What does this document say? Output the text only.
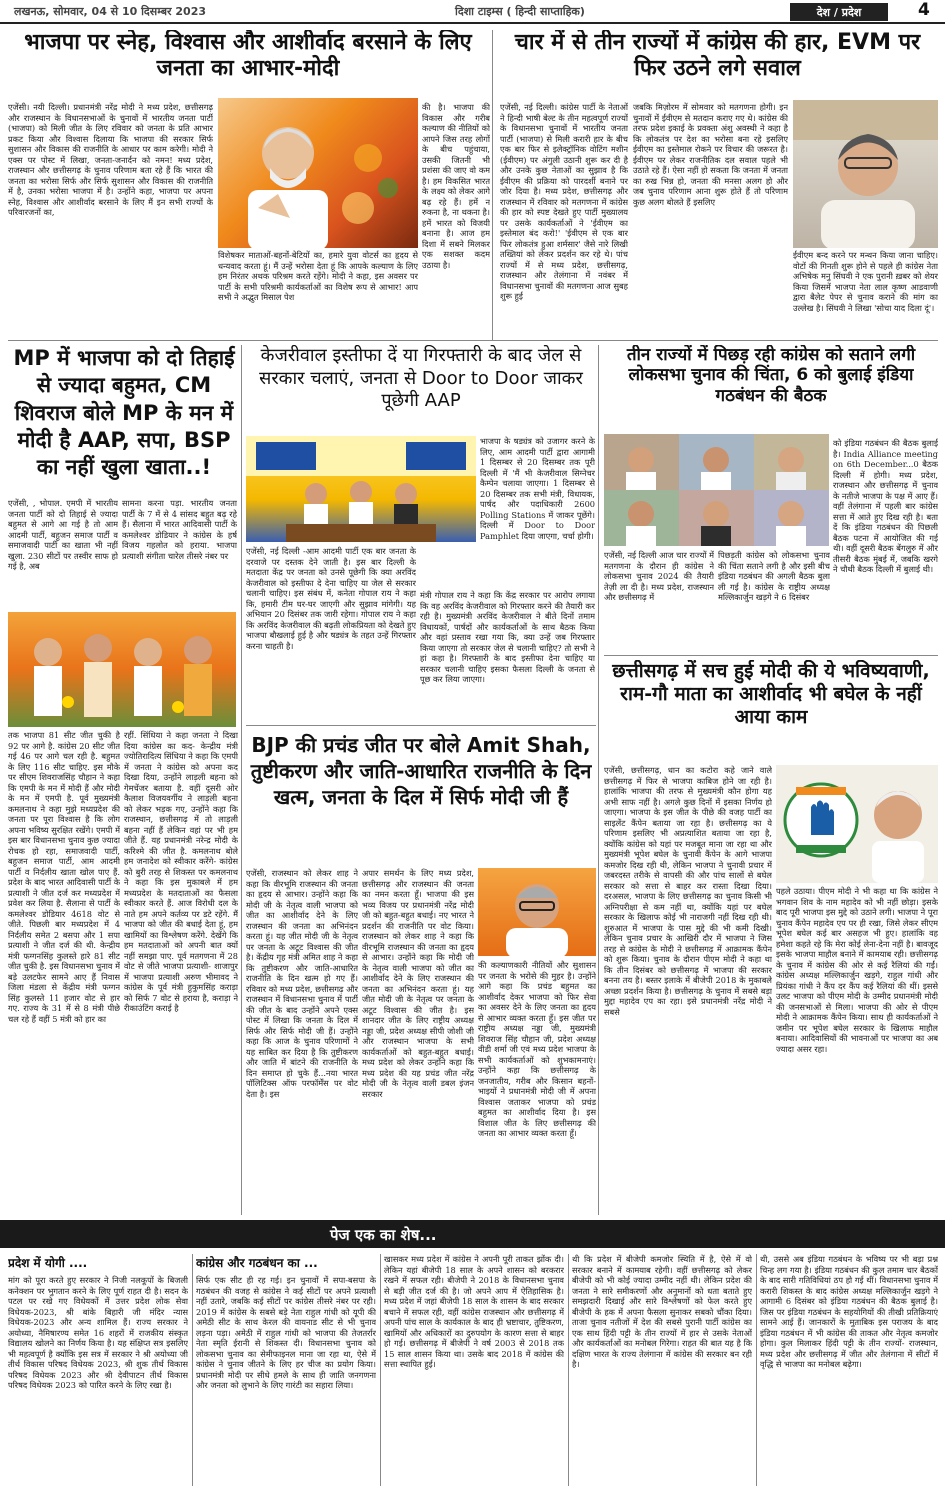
लखनऊ, सोमवार, 04 से 10 दिसम्बर 2023	दिशा टाइम्स ( हिन्दी साप्ताहिक)	देश / प्रदेश	4
भाजपा पर स्नेह, विश्वास और आशीर्वाद बरसाने के लिए जनता का आभार-मोदी
एजेंसी। नयी दिल्ली। प्रधानमंत्री नरेंद्र मोदी ने मध्य प्रदेश, छत्तीसगढ़ और राजस्थान के विधानसभाओं के चुनावों में भारतीय जनता पार्टी (भाजपा) को मिली जीत के लिए रविवार को जनता के प्रति आभार प्रकट किया और विश्वास दिलाया कि भाजपा की सरकार सिर्फ सुशासन और विकास की राजनीति के आधार पर काम करेगी। मोदी ने एक्स पर पोस्ट में लिखा, जनता-जनार्दन को नमन! मध्य प्रदेश, राजस्थान और छत्तीसगढ़ के चुनाव परिणाम बता रहे हैं कि भारत की जनता का भरोसा सिर्फ और सिर्फ सुशासन और विकास की राजनीति में है, उनका भरोसा भाजपा में है। उन्होंने कहा, भाजपा पर अपना स्नेह, विश्वास और आशीर्वाद बरसाने के लिए मैं इन सभी राज्यों के परिवारजनों का,
विशेषकर माताओं-बहनों-बेटियों का, हमारे युवा वोटर्स का हृदय से धन्यवाद करता हूं। मैं उन्हें भरोसा देता हूं कि आपके कल्याण के लिए हम निरंतर अथक परिश्रम करते रहेंगे। मोदी ने कहा, इस अवसर पर पार्टी के सभी परिश्रमी कार्यकर्ताओं का विशेष रूप से आभार! आप सभी ने अद्भुत मिसाल पेश
की है। भाजपा की विकास और गरीब कल्याण की नीतियों को आपने जिस तरह लोगों के बीच पहुंचाया, उसकी जितनी भी प्रशंसा की जाए वो कम है। हम विकसित भारत के लक्ष्य को लेकर आगे बढ़ रहे हैं। हमें न रुकना है, ना थकना है। हमें भारत को विजयी बनाना है। आज हम दिशा में सबने मिलकर एक सशक्त कदम उठाया है।
चार में से तीन राज्यों में कांग्रेस की हार, EVM पर फिर उठने लगे सवाल
एजेंसी, नई दिल्ली। कांग्रेस पार्टी के नेताओं ने हिन्दी भाषी बेल्ट के तीन महत्वपूर्ण राज्यों के विधानसभा चुनावों में भारतीय जनता पार्टी (भाजपा) से मिली करारी हार के बीच एक बार फिर से इलेक्ट्रॉनिक वोटिंग मशीन (ईवीएम) पर अंगुली उठानी शुरू कर दी है और उनके कुछ नेताओं का सुझाव है कि ईवीएम की प्रक्रिया को पारदर्शी बनाने पर जोर दिया है। मध्य प्रदेश, छत्तीसगढ़ और राजस्थान में रविवार को मतगणना में कांग्रेस की हार को स्पष्ट देखते हुए पार्टी मुख्यालय पर उसके कार्यकर्ताओं ने 'ईवीएम का इस्तेमाल बंद करो!' 'ईवीएम से एक बार फिर लोकतंत्र हुआ शर्मसार' जैसे नारे लिखी तख्तियां को लेकर प्रदर्शन कर रहे थे। पांच राज्यों में से मध्य प्रदेश, छत्तीसगढ़, राजस्थान और तेलंगाना में नवंबर में विधानसभा चुनावों की मतगणना आज सुबह शुरू हुई
जबकि मिज़ोरम में सोमवार को मतगणना होगी। इन चुनावों में ईवीएम से मतदान कराए गए थे। कांग्रेस की तरफ प्रदेश इकाई के प्रवक्ता अंशु अवस्थी ने कहा है कि लोकतंत्र पर देश का भरोसा बना रहे इसलिए ईवीएम का इस्तेमाल रोकने पर विचार की जरूरत है। ईवीएम पर लेकर राजनीतिक दल सवाल पहले भी उठाते रहे हैं। ऐसा नहीं हो सकता कि जनता में जनता का रुख भिन्न हो, जनता की मनसा अलग हो और जब चुनाव परिणाम आना शुरू होते हैं तो परिणाम कुछ अलग बोलते हैं इसलिए
ईवीएम बन्द करने पर मन्थन किया जाना चाहिए। वोटों की गिनती शुरू होने से पहले ही कांग्रेस नेता अभिषेक मनु सिंघवी ने एक पुरानी ख़बर को शेयर किया जिसमें भाजपा नेता लाल कृष्ण आडवाणी द्वारा बैलेट पेपर से चुनाव कराने की मांग का उल्लेख है। सिंघवी ने लिखा 'सोचा याद दिला दूं'।
MP में भाजपा को दो तिहाई से ज्यादा बहुमत, CM शिवराज बोले MP के मन में मोदी है AAP, सपा, BSP का नहीं खुला खाता..!
एजेंसी, , भोपाल. एमपी में भारतीय जनता पार्टी को दो तिहाई से ज्यादा बहुमत से आगे आ गई है तो आम आदमी पार्टी, बहुजन समाज पार्टी व समाजवादी पार्टी का खाता भी नहीं खुला. 230 सीटों पर तस्वीर साफ हो गई है, अब
सामना करना पड़ा. भारतीय जनता पार्टी के 7 में से 4 सांसद बहुत बढ़ रहे हैं। सैलाना में भारत आदिवासी पार्टी के कमलेश्वर डोडियार ने कांग्रेस के हर्ष विजय गहलोत को हराया. भाजपा प्रत्याशी संगीता चारेल तीसरे नंबर पर
तक भाजपा 81 सीट जीत चुकी है 92 पर आगे है. कांग्रेस 20 सीट जीत गई 46 पर आगे चल रही है. बहुमत के लिए 116 सीट चाहिए. इस मौके पर सीएम शिवराजसिंह चौहान ने कहा कि एमपी के मन में मोदी हैं और मोदी के मन में एमपी है. पूर्व मुख्यमंत्री कमलनाथ ने कहा मुझे मध्यप्रदेश की जनता पर पूरा विश्वास है कि लोग अपना भविष्य सुरक्षित रखेंगे। एमपी में इस बार विधानसभा चुनाव कुछ ज्यादा रोचक हो रहा, समाजवादी पार्टी, बहुजन समाज पार्टी, आम आदमी पार्टी व निर्दलीय खाता खोल पाए हैं. प्रदेश के बाद भारत आदिवासी पार्टी के प्रत्याशी ने जीत दर्ज कर मध्यप्रदेश में प्रवेश कर लिया है. सैलाना से पार्टी के कमलेश्वर डोडियार 4618 वोट से जीते. पिछली बार मध्यप्रदेश में 4 निर्दलीय समेत 2 बसपा और 1 सपा प्रत्याशी ने जीत दर्ज की थी. केन्द्रीय मंत्री फग्गनसिंह कुलस्ते हारे 81 सीट जीत चुकी है. इस विधानसभा चुनाव में बड़े उलटफेर सामने आए हैं निवास जिला मंडला से केंद्रीय मंत्री फग्गन सिंह कुलस्ते 11 हजार वोट से हार गए. राज्य के 31 में से 8 मंत्री पीछे चल रहे हैं वहीं 5 मंत्री को हार का
रहीं. सिंधिया ने कहा जनता ने दिखा दिया कांग्रेस का कद- केन्द्रीय मंत्री ज्योतिरादित्य सिंधिया ने कहा कि एमपी में जनता ने कांग्रेस को अपना कद दिखा दिया, उन्होंने लाड़ली बहना को गेमचेंजर बताया है. वहीं दूसरी ओर कैलाश विजयवर्गीय ने लाड़ली बहना को लेकर भड़क गए, उन्होंने कहा कि राजस्थान, छत्तीसगढ़ में तो लाड़ली बहना नहीं हैं लेकिन वहां पर भी हम जीते हैं. यह प्रधानमंत्री नरेन्द्र मोदी के करिश्मे की जीत है. कमलनाथ बोले हम जनादेश को स्वीकार करेंगे- कांग्रेस को बुरी तरह से शिकस्त पर कमलनाथ ने कहा कि इस मुकाबले में हम मध्यप्रदेश के मतदाताओं का फैसला स्वीकार करते हैं. आज विरोधी दल के नाते हम अपने कर्तव्य पर डटे रहेंगे. मैं भाजपा को जीत की बधाई देता हूं, हम खामियों का विश्लेषण करेंगे. देखेंगे कि हम मतदाताओं को अपनी बात क्यों नहीं समझा पाए. पूर्व मतगणना में 28 वोट से जीते भाजपा प्रत्याशी- शाजापुर में भाजपा प्रत्याशी अरुण भीमावद ने कांग्रेस के पूर्व मंत्री हुकुमसिंह कराड़ा को सिर्फ 7 वोट से हराया है, कराड़ा ने रीकाउंटिंग कराई है
केजरीवाल इस्तीफा दें या गिरफ्तारी के बाद जेल से सरकार चलाएं, जनता से Door to Door जाकर पूछेगी AAP
भाजपा के षड्यंत्र को उजागर करने के लिए, आम आदमी पार्टी द्वारा आगामी 1 दिसम्बर से 20 दिसम्बर तक पूरी दिल्ली में 'मैं भी केजरीवाल सिग्नेचर कैम्पेन चलाया जाएगा। 1 दिसम्बर से 20 दिसम्बर तक सभी मंत्री, विधायक, पार्षद और पदाधिकारी 2600 Polling Stations में जाकर पूछेंगे। दिल्ली में Door to Door Pamphlet दिया जाएगा, चर्चा होगी।
एजेंसी, नई दिल्ली -आम आदमी पार्टी एक बार जनता के दरवाजे पर दस्तक देने जाती है। इस बार दिल्ली के मतदाता केंद्र पर जनता को उनसे पूछेगी कि क्या अरविंद केजरीवाल को इस्तीफा दे देना चाहिए या जेल से सरकार चलानी चाहिए। इस संबंध में, कनेता गोपाल राय ने कहा कि, हमारी टीम घर-घर जाएगी और सुझाव मांगेगी। यह अभियान 20 दिसंबर तक जारी रहेगा। गोपाल राय ने कहा कि अरविंद केजरीवाल की बढ़ती लोकप्रियता को देखते हुए भाजपा बौखलाई हुई है और षड्यंत्र के तहत उन्हें गिरफ्तार करना चाहती है।
मंत्री गोपाल राय ने कहा कि केंद्र सरकार पर आरोप लगाया कि वह अरविंद केजरीवाल को गिरफ्तार करने की तैयारी कर रही है। मुख्यमंत्री अरविंद केजरीवाल ने बीते दिनों तमाम विधायकों, पार्षदों और कार्यकर्ताओं के साथ बैठक किया और वहां प्रस्ताव रखा गया कि, क्या उन्हें जब गिरफ्तार किया जाएगा तो सरकार जेल से चलानी चाहिए? तो सभी ने हां कहा है। गिरफ्तारी के बाद इस्तीफा देना चाहिए या सरकार चलानी चाहिए इसका फैसला दिल्ली के जनता से पूछ कर लिया जाएगा।
तीन राज्यों में पिछड़ रही कांग्रेस को सताने लगी लोकसभा चुनाव की चिंता, 6 को बुलाई इंडिया गठबंधन की बैठक
को इंडिया गठबंधन की बैठक बुलाई है। India Alliance meeting on 6th December...0 बैठक दिल्ली में होगी। मध्य प्रदेश, राजस्थान और छत्तीसगढ़ में चुनाव के नतीजे भाजपा के पक्ष में आए हैं। वहीं तेलंगाना में पहली बार कांग्रेस सत्ता में आते हुए दिख रही है। बता दें कि इंडिया गठबंधन की पिछली बैठक पटना में आयोजित की गई थी। वहीं दूसरी बैठक बेंगलुरु में और तीसरी बैठक मुंबई में, जबकि खरगे ने चौथी बैठक दिल्ली में बुलाई थी।
एजेंसी, नई दिल्ली आज चार राज्यों में मतगणना के दौरान ही कांग्रेस ने लोकसभा चुनाव 2024 की तैयारी तेज़ी ला दी है। मध्य प्रदेश, राजस्थान और छत्तीसगढ़ में
पिछड़ती कांग्रेस को लोकसभा चुनाव की चिंता सताने लगी है और इसी बीच इंडिया गठबंधन की अगली बैठक बुला ली गई है। कांग्रेस के राष्ट्रीय अध्यक्ष मल्लिकार्जुन खड़गे ने 6 दिसंबर
छत्तीसगढ़ में सच हुई मोदी की ये भविष्यवाणी, राम-गौ माता का आशीर्वाद भी बघेल के नहीं आया काम
एजेंसी, छत्तीसगढ़, धान का कटोरा कहे जाने वाले छत्तीसगढ़ में फिर से भाजपा काबिज होने जा रही है। हालांकि भाजपा की तरफ से मुख्यमंत्री कौन होगा यह अभी साफ नहीं है। अगले कुछ दिनों में इसका निर्णय हो जाएगा। भाजपा के इस जीत के पीछे की वजह पार्टी का साइलेंट कैंपेन बताया जा रहा है। छत्तीसगढ़ का ये परिणाम इसलिए भी अप्रत्याशित बताया जा रहा है, क्योंकि कांग्रेस को यहां पर मजबूत माना जा रहा था और मुख्यमंत्री भूपेश बघेल के चुनावी कैंपेन के आगे भाजपा कमजोर दिख रही थी, लेकिन भाजपा ने चुनावी प्रचार में जबरदस्त तरीके से वापसी की और पांच सालों से बघेल सरकार को सत्ता से बाहर कर रास्ता दिखा दिया। दरअसल, भाजपा के लिए छत्तीसगढ़ का चुनाव किसी भी अग्निपरीक्षा से कम नहीं था, क्योंकि यहां पर बघेल सरकार के खिलाफ कोई भी नाराजगी नहीं दिख रही थी। शुरुआत में भाजपा के पास मुद्दे की भी कमी दिखी। लेकिन चुनाव प्रचार के आखिरी दौर में भाजपा ने जिस तरह से कांग्रेस के मोदी ने छत्तीसगढ़ में आक्रामक कैंपेन को शुरू किया। चुनाव के दौरान पीएम मोदी ने कहा था कि तीन दिसंबर को छत्तीसगढ़ में भाजपा की सरकार बनना तय है। बस्तर इलाके में बीजेपी 2018 के मुकाबले अच्छा प्रदर्शन किया है। छत्तीसगढ़ के चुनाव में सबसे बड़ा मुद्दा महादेव एप का रहा। इसे प्रधानमंत्री नरेंद्र मोदी ने सबसे
पहले उठाया। पीएम मोदी ने भी कहा था कि कांग्रेस ने भगवान शिव के नाम महादेव को भी नहीं छोड़ा। इसके बाद पूरी भाजपा इस मुद्दे को उठाने लगी। भाजपा ने पूरा चुनाव कैंपेन महादेव एप पर ही रखा, जिसे लेकर सीएम भूपेश बघेल कई बार असहज भी हुए। हालांकि वह हमेशा कहते रहे कि मेरा कोई लेना-देना नहीं है। बावजूद इसके भाजपा माहौल बनाने में कामयाब रही। छत्तीसगढ़ के चुनाव में कांग्रेस की ओर से कई रैलियां की गईं। कांग्रेस अध्यक्ष मल्लिकार्जुन खड़गे, राहुल गांधी और प्रियंका गांधी ने कैंप दर कैंप कई रैलियां की थीं। इससे उलट भाजपा को पीएम मोदी के उम्मीद प्रधानमंत्री मोदी की जनसभाओं से मिला। भाजपा की ओर से पीएम मोदी ने आक्रामक कैंपेन किया। साथ ही कार्यकर्ताओं ने जमीन पर भूपेश बघेल सरकार के खिलाफ माहौल बनाया। आदिवासियों की भावनाओं पर भाजपा का अब ज्यादा असर रहा।
BJP की प्रचंड जीत पर बोले Amit Shah, तुष्टीकरण और जाति-आधारित राजनीति के दिन खत्म, जनता के दिल में सिर्फ मोदी जी हैं
एजेंसी, राजस्थान को लेकर शाह ने कहा कि वीरभूमि राजस्थान की जनता का हृदय से आभार। उन्होंने कहा कि मोदी जी के नेतृत्व वाली भाजपा को जीत का आशीर्वाद देने के लिए राजस्थान की जनता का अभिनंदन करता हूं। यह जीत मोदी जी के नेतृत्व पर जनता के अटूट विश्वास की जीत है। केंद्रीय गृह मंत्री अमित शाह ने कहा कि तुष्टीकरण और जाति-आधारित राजनीति के दिन खत्म हो गए हैं। रविवार को मध्य प्रदेश, छत्तीसगढ़ और राजस्थान में विधानसभा चुनाव में पार्टी की जीत के बाद उन्होंने अपने एक्स पोस्ट में लिखा कि जनता के दिल में सिर्फ और सिर्फ मोदी जी हैं। उन्होंने कहा कि आज के चुनाव परिणामों ने यह साबित कर दिया है कि तुष्टीकरण और जाति में बांटने की राजनीति के दिन समाप्त हो चुके हैं...नया भारत पॉलिटिक्स ऑफ परफॉर्मेंस पर वोट देता है। इस
अपार समर्थन के लिए मध्य प्रदेश, छत्तीसगढ़ और राजस्थान की जनता का नमन करता हूँ। भाजपा की इस भव्य विजय पर प्रधानमंत्री नरेंद्र मोदी जी को बहुत-बहुत बधाई। नए भारत ने प्रदर्शन की राजनीति पर वोट किया। राजस्थान को लेकर शाह ने कहा कि वीरभूमि राजस्थान की जनता का हृदय से आभार। उन्होंने कहा कि मोदी जी के नेतृत्व वाली भाजपा को जीत का आशीर्वाद देने के लिए राजस्थान की जनता का अभिनंदन करता हूं। यह जीत मोदी जी के नेतृत्व पर जनता के अटूट विश्वास की जीत है। इस शानदार जीत के लिए राष्ट्रीय अध्यक्ष नड्डा जी, प्रदेश अध्यक्ष सीपी जोशी जी और राजस्थान भाजपा के सभी कार्यकर्ताओं को बहुत-बहुत बधाई। मध्य प्रदेश को लेकर उन्होंने कहा कि मध्य प्रदेश की यह प्रचंड जीत नरेंद्र मोदी जी के नेतृत्व वाली डबल इंजन सरकार
की कल्याणकारी नीतियों और सुशासन पर जनता के भरोसे की मुहर है। उन्होंने आगे कहा कि प्रचंड बहुमत का आशीर्वाद देकर भाजपा को फिर सेवा का अवसर देने के लिए जनता का हृदय से आभार व्यक्त करता हूँ। इस जीत पर राष्ट्रीय अध्यक्ष नड्डा जी, मुख्यमंत्री शिवराज सिंह चौहान जी, प्रदेश अध्यक्ष वीडी शर्मा जी एवं मध्य प्रदेश भाजपा के सभी कार्यकर्ताओं को शुभकामनाएं। उन्होंने कहा कि छत्तीसगढ़ के जनजातीय, गरीब और किसान बहनों-भाइयों ने प्रधानमंत्री मोदी जी में अपना विश्वास जताकर भाजपा को प्रचंड बहुमत का आशीर्वाद दिया है। इस विशाल जीत के लिए छत्तीसगढ़ की जनता का आभार व्यक्त करता हूँ।
पेज एक का शेष...
प्रदेश में योगी ....
मांग को पूरा करते हुए सरकार ने निजी नलकूपों के बिजली कनेक्शन पर भुगतान करने के लिए पूर्ण राहत दी है। सदन के पटल पर रखे गए विधेयकों में उत्तर प्रदेश लोक सेवा विधेयक-2023, श्री बांके बिहारी जी मंदिर न्यास विधेयक-2023 और अन्य शामिल हैं। राज्य सरकार ने अयोध्या, नैमिषारण्य समेत 16 शहरों में राजकीय संस्कृत विद्यालय खोलने का निर्णय किया है। यह संक्षिप्त सत्र इसलिए भी महत्वपूर्ण है क्योंकि इस सत्र में सरकार ने श्री अयोध्या जी तीर्थ विकास परिषद विधेयक 2023, श्री शुक तीर्थ विकास परिषद विधेयक 2023 और श्री देवीपाटन तीर्थ विकास परिषद विधेयक 2023 को पारित करने के लिए रखा है।
कांग्रेस और गठबंधन का ...
सिर्फ एक सीट ही रह गई। इन चुनावों में सपा-बसपा के गठबंधन की वजह से कांग्रेस ने कई सीटों पर अपने प्रत्याशी नहीं उतारे, जबकि कई सीटों पर कांग्रेस तीसरे नंबर पर रही। 2019 में कांग्रेस के सबसे बड़े नेता राहुल गांधी को यूपी की अमेठी सीट के साथ केरल की वायनाड सीट से भी चुनाव लड़ना पड़ा। अमेठी में राहुल गांधी को भाजपा की तेजतर्रार नेता स्मृति ईरानी से शिकस्त दी। विधानसभा चुनाव को लोकसभा चुनाव का सेमीफाइनल माना जा रहा था, ऐसे में कांग्रेस ने चुनाव जीतने के लिए हर चीज का प्रयोग किया। प्रधानमंत्री मोदी पर सीधे हमले के साथ ही जाति जनगणना और जनता को लुभाने के लिए गारंटी का सहारा लिया।
खासकर मध्य प्रदेश में कांग्रेस ने अपनी पूरी ताकत झोंक दी। लेकिन यहां बीजेपी 18 साल के अपने शासन को बरकरार रखने में सफल रही। बीजेपी ने 2018 के विधानसभा चुनाव से बड़ी जीत दर्ज की है। जो अपने आप में ऐतिहासिक है। मध्य प्रदेश में जहां बीजेपी 18 साल के शासन के बाद सरकार बचाने में सफल रही, वहीं कांग्रेस राजस्थान और छत्तीसगढ़ में अपनी पांच साल के कार्यकाल के बाद ही भ्रष्टाचार, तुष्टिकरण, खामियों और अधिकारों का दुरुपयोग के कारण सत्ता से बाहर हो गई। छत्तीसगढ़ में बीजेपी ने वर्ष 2003 से 2018 तक 15 साल शासन किया था। उसके बाद 2018 में कांग्रेस की सत्ता स्थापित हुई।
थी कि प्रदेश में बीजेपी कमजोर स्थिति में है, ऐसे में वो सरकार बनाने में कामयाब रहेगी। वहीं छत्तीसगढ़ को लेकर बीजेपी को भी कोई ज्यादा उम्मीद नहीं थी। लेकिन प्रदेश की जनता ने सारे समीकरणों और अनुमानों को धता बताते हुए समझदारी दिखाई और सारे विश्लेषणों को फेल करते हुए बीजेपी के हक में अपना फैसला सुनाकर सबको चौंका दिया। ताजा चुनाव नतीजों में देश की सबसे पुरानी पार्टी कांग्रेस का एक साथ हिंदी पट्टी के तीन राज्यों में हार से उसके नेताओं और कार्यकर्ताओं का मनोबल गिरेगा। राहत की बात यह है कि दक्षिण भारत के राज्य तेलंगाना में कांग्रेस की सरकार बन रही है।
थी, उससे अब इंडिया गठबंधन के भविष्य पर भी बड़ा प्रश्न चिन्ह लग गया है। इंडिया गठबंधन की कुल तमाम चार बैठकों के बाद सारी गतिविधियां ठप हो गई थीं। विधानसभा चुनाव में करारी शिकस्त के बाद कांग्रेस अध्यक्ष मल्लिकार्जुन खड़गे ने आगामी 6 दिसंबर को इंडिया गठबंधन की बैठक बुलाई है। जिस पर इंडिया गठबंधन के सहयोगियों की तीखी प्रतिक्रियाएं सामने आई हैं। जानकारों के मुताबिक इस पराजय के बाद इंडिया गठबंधन में भी कांग्रेस की ताकत और नेतृत्व कमजोर होगा। कुल मिलाकर हिंदी पट्टी के तीन राज्यों- राजस्थान, मध्य प्रदेश और छत्तीसगढ़ में जीत और तेलंगाना में सीटों में वृद्धि से भाजपा का मनोबल बढ़ेगा।
